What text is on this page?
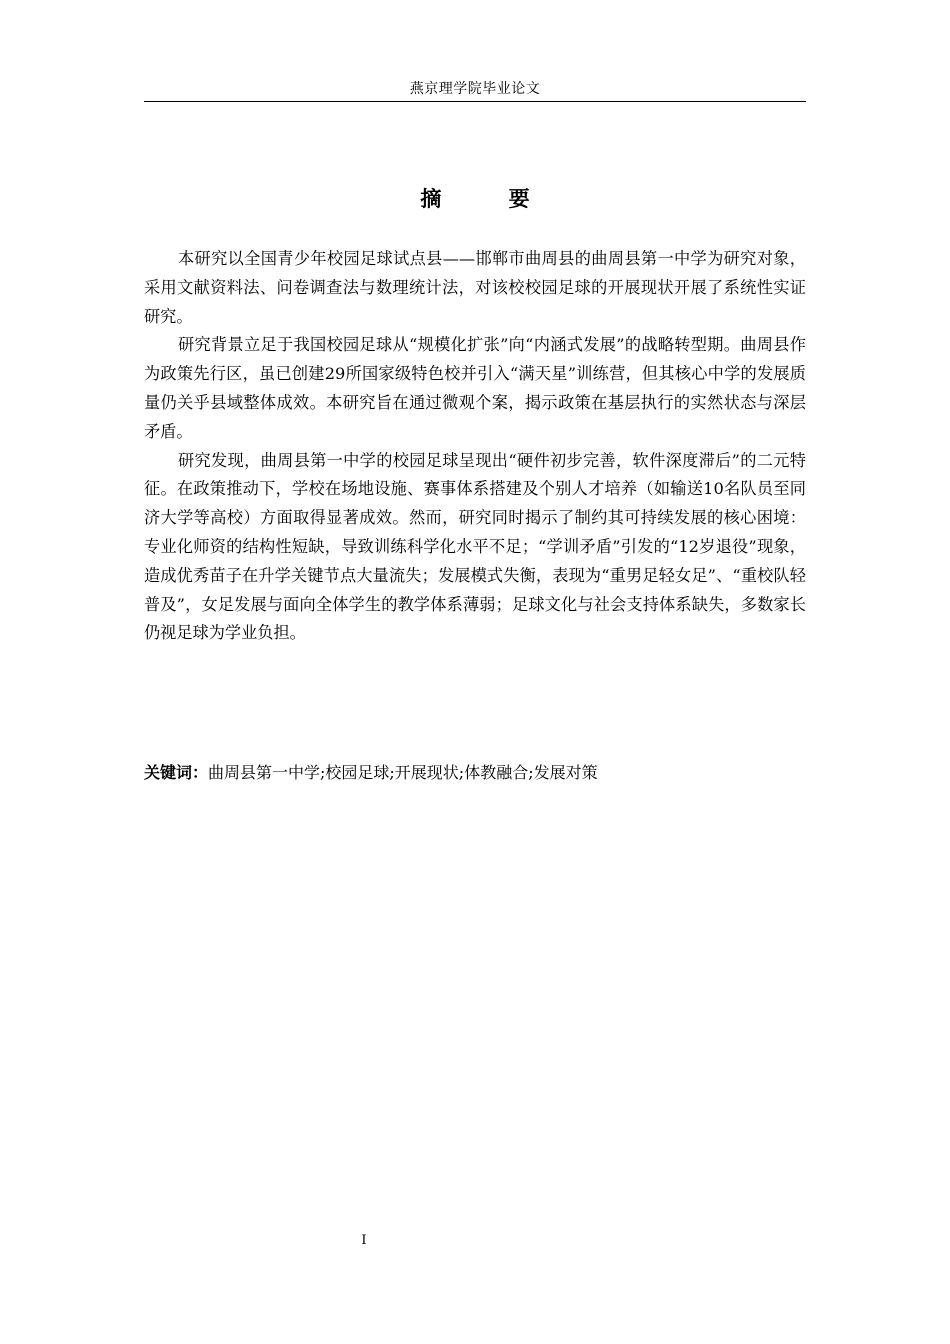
燕京理学院毕业论文
摘 要

本研究以全国青少年校园足球试点县——邯郸市曲周县的曲周县第一中学为研究对象，采用文献资料法、问卷调查法与数理统计法，对该校校园足球的开展现状开展了系统性实证研究。

研究背景立足于我国校园足球从“规模化扩张”向“内涵式发展”的战略转型期。曲周县作为政策先行区，虽已创建29所国家级特色校并引入“满天星”训练营，但其核心中学的发展质量仍关乎县域整体成效。本研究旨在通过微观个案，揭示政策在基层执行的实然状态与深层矛盾。

研究发现，曲周县第一中学的校园足球呈现出“硬件初步完善，软件深度滞后”的二元特征。在政策推动下，学校在场地设施、赛事体系搭建及个别人才培养（如输送10名队员至同济大学等高校）方面取得显著成效。然而，研究同时揭示了制约其可持续发展的核心困境：专业化师资的结构性短缺，导致训练科学化水平不足；“学训矛盾”引发的“12岁退役”现象，造成优秀苗子在升学关键节点大量流失；发展模式失衡，表现为“重男足轻女足”、“重校队轻普及”，女足发展与面向全体学生的教学体系薄弱；足球文化与社会支持体系缺失，多数家长仍视足球为学业负担。

关键词：曲周县第一中学;校园足球;开展现状;体教融合;发展对策
I
